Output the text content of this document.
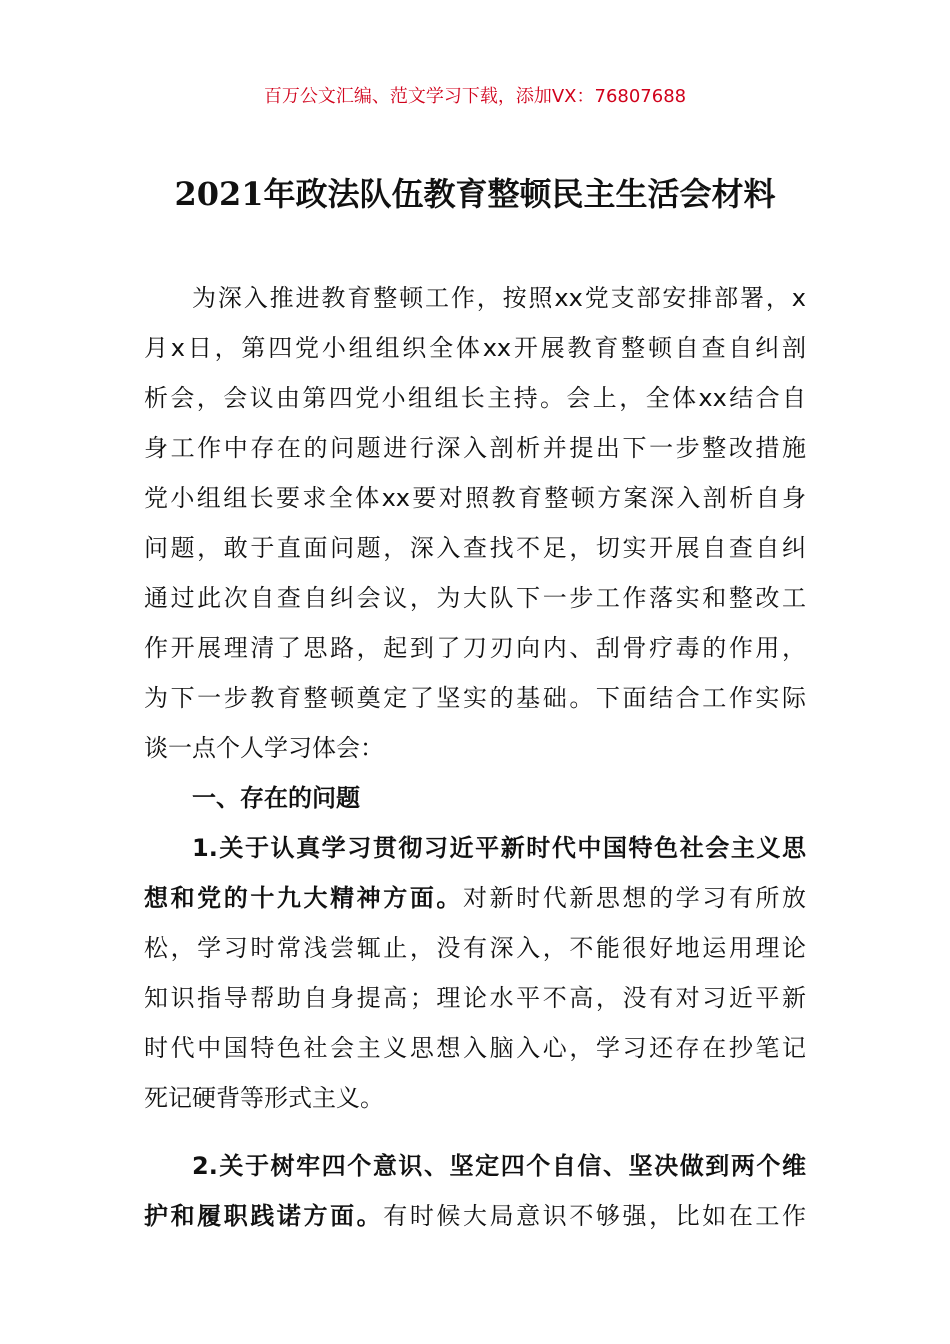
百万公文汇编、范文学习下载，添加VX：76807688
2021年政法队伍教育整顿民主生活会材料
为深入推进教育整顿工作，按照xx党支部安排部署，x
月x日，第四党小组组织全体xx开展教育整顿自查自纠剖
析会，会议由第四党小组组长主持。会上，全体xx结合自
身工作中存在的问题进行深入剖析并提出下一步整改措施
党小组组长要求全体xx要对照教育整顿方案深入剖析自身
问题，敢于直面问题，深入查找不足，切实开展自查自纠
通过此次自查自纠会议，为大队下一步工作落实和整改工
作开展理清了思路，起到了刀刃向内、刮骨疗毒的作用，
为下一步教育整顿奠定了坚实的基础。下面结合工作实际
谈一点个人学习体会：
一、存在的问题
1.关于认真学习贯彻习近平新时代中国特色社会主义思
想和党的十九大精神方面。对新时代新思想的学习有所放
松，学习时常浅尝辄止，没有深入，不能很好地运用理论
知识指导帮助自身提高；理论水平不高，没有对习近平新
时代中国特色社会主义思想入脑入心，学习还存在抄笔记
死记硬背等形式主义。
2.关于树牢四个意识、坚定四个自信、坚决做到两个维
护和履职践诺方面。有时候大局意识不够强，比如在工作
